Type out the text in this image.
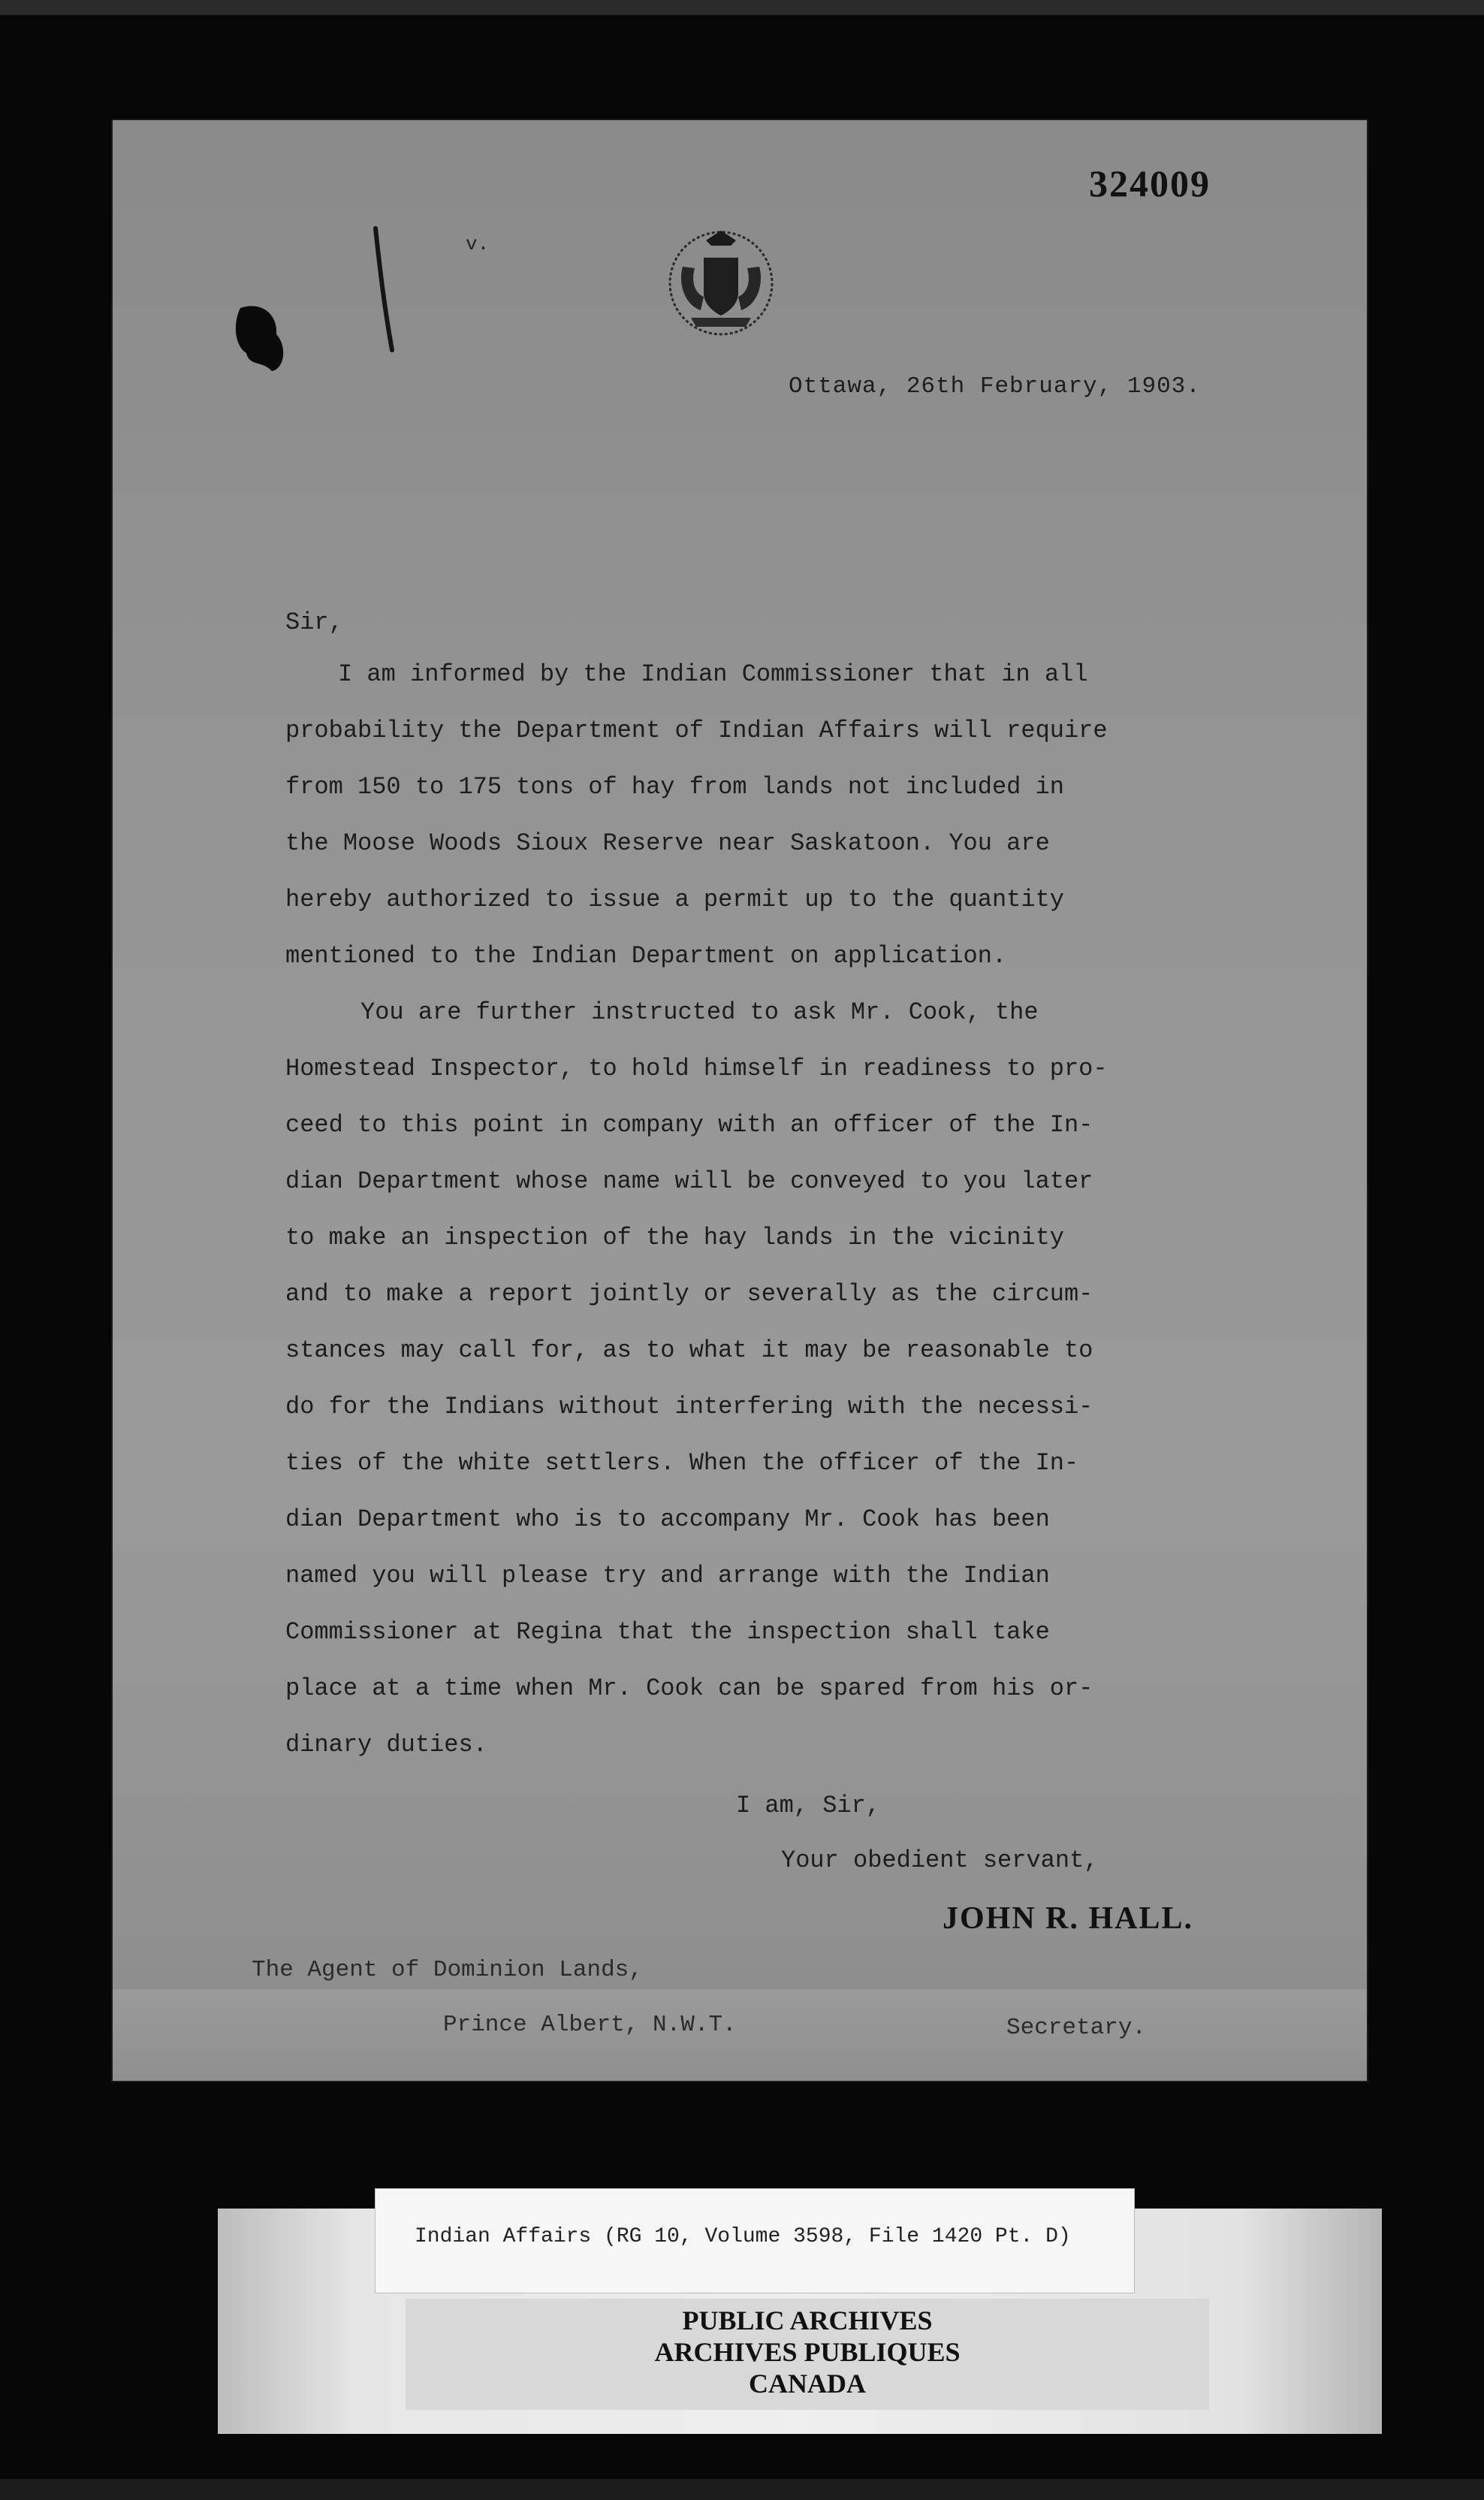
324009
v.
Ottawa, 26th February, 1903.
Sir,

I am informed by the Indian Commissioner that in all

probability the Department of Indian Affairs will require

from 150 to 175 tons of hay from lands not included in

the Moose Woods Sioux Reserve near Saskatoon. You are

hereby authorized to issue a permit up to the quantity

mentioned to the Indian Department on application.

You are further instructed to ask Mr. Cook, the

Homestead Inspector, to hold himself in readiness to pro-

ceed to this point in company with an officer of the In-

dian Department whose name will be conveyed to you later

to make an inspection of the hay lands in the vicinity

and to make a report jointly or severally as the circum-

stances may call for, as to what it may be reasonable to

do for the Indians without interfering with the necessi-

ties of the white settlers. When the officer of the In-

dian Department who is to accompany Mr. Cook has been

named you will please try and arrange with the Indian

Commissioner at Regina that the inspection shall take

place at a time when Mr. Cook can be spared from his or-

dinary duties.

I am, Sir,
Your obedient servant,
JOHN R. HALL.
The Agent of Dominion Lands,
Prince Albert, N.W.T.	Secretary.
Indian Affairs (RG 10, Volume 3598, File 1420 Pt. D)
PUBLIC ARCHIVES
ARCHIVES PUBLIQUES
CANADA
